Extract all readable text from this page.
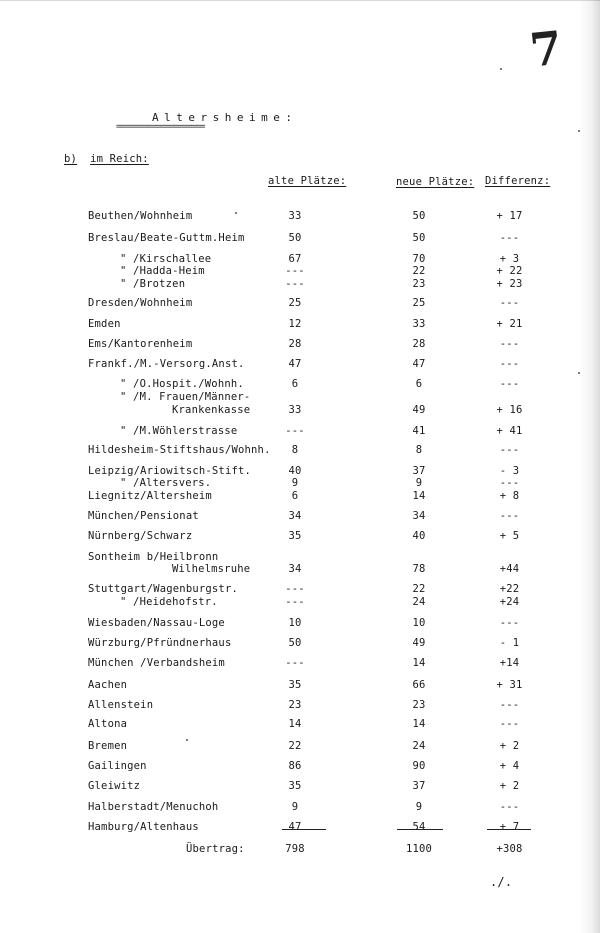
7
Altersheime:
====================
b) im Reich:
alte Plätze:	neue Plätze: Differenz:
Beuthen/Wohnheim	33	50	+ 17
Breslau/Beate-Guttm.Heim	50	50	---
" /Kirschallee	67	70	+ 3
" /Hadda-Heim	---	22	+ 22
" /Brotzen	---	23	+ 23
Dresden/Wohnheim	25	25	---
Emden	12	33	+ 21
Ems/Kantorenheim	28	28	---
Frankf./M.-Versorg.Anst.	47	47	---
" /O.Hospit./Wohnh.	6	6	---
" /M. Frauen/Männer-
Krankenkasse	33	49	+ 16
" /M.Wöhlerstrasse	---	41	+ 41
Hildesheim-Stiftshaus/Wohnh.	8	8	---
Leipzig/Ariowitsch-Stift.	40	37	- 3
" /Altersvers.	9	9	---
Liegnitz/Altersheim	6	14	+ 8
München/Pensionat	34	34	---
Nürnberg/Schwarz	35	40	+ 5
Sontheim b/Heilbronn
Wilhelmsruhe	34	78	+44
Stuttgart/Wagenburgstr.	---	22	+22
" /Heidehofstr.	---	24	+24
Wiesbaden/Nassau-Loge	10	10	---
Würzburg/Pfründnerhaus	50	49	- 1
München /Verbandsheim	---	14	+14
Aachen	35	66	+ 31
Allenstein	23	23	---
Altona	14	14	---
Bremen	22	24	+ 2
Gailingen	86	90	+ 4
Gleiwitz	35	37	+ 2
Halberstadt/Menuchoh	9	9	---
Hamburg/Altenhaus	47	54	+ 7
Übertrag:	798	1100	+308
./.
